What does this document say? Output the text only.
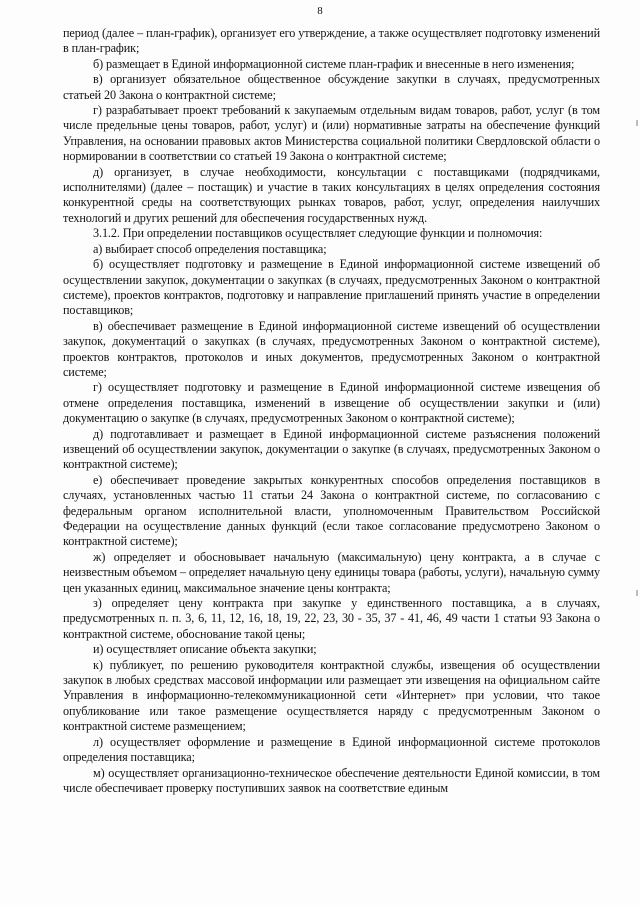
8

период (далее – план-график), организует его утверждение, а также осуществляет подготовку изменений в план-график;

б) размещает в Единой информационной системе план-график и внесенные в него изменения;

в) организует обязательное общественное обсуждение закупки в случаях, предусмотренных статьей 20 Закона о контрактной системе;

г) разрабатывает проект требований к закупаемым отдельным видам товаров, работ, услуг (в том числе предельные цены товаров, работ, услуг) и (или) нормативные затраты на обеспечение функций Управления, на основании правовых актов Министерства социальной политики Свердловской области о нормировании в соответствии со статьей 19 Закона о контрактной системе;

д) организует, в случае необходимости, консультации с поставщиками (подрядчиками, исполнителями) (далее – постащик) и участие в таких консультациях в целях определения состояния конкурентной среды на соответствующих рынках товаров, работ, услуг, определения наилучших технологий и других решений для обеспечения государственных нужд.

3.1.2. При определении поставщиков осуществляет следующие функции и полномочия:

а) выбирает способ определения поставщика;

б) осуществляет подготовку и размещение в Единой информационной системе извещений об осуществлении закупок, документации о закупках (в случаях, предусмотренных Законом о контрактной системе), проектов контрактов, подготовку и направление приглашений принять участие в определении поставщиков;

в) обеспечивает размещение в Единой информационной системе извещений об осуществлении закупок, документаций о закупках (в случаях, предусмотренных Законом о контрактной системе), проектов контрактов, протоколов и иных документов, предусмотренных Законом о контрактной системе;

г) осуществляет подготовку и размещение в Единой информационной системе извещения об отмене определения поставщика, изменений в извещение об осуществлении закупки и (или) документацию о закупке (в случаях, предусмотренных Законом о контрактной системе);

д) подготавливает и размещает в Единой информационной системе разъяснения положений извещений об осуществлении закупок, документации о закупке (в случаях, предусмотренных Законом о контрактной системе);

е) обеспечивает проведение закрытых конкурентных способов определения поставщиков в случаях, установленных частью 11 статьи 24 Закона о контрактной системе, по согласованию с федеральным органом исполнительной власти, уполномоченным Правительством Российской Федерации на осуществление данных функций (если такое согласование предусмотрено Законом о контрактной системе);

ж) определяет и обосновывает начальную (максимальную) цену контракта, а в случае с неизвестным объемом – определяет начальную цену единицы товара (работы, услуги), начальную сумму цен указанных единиц, максимальное значение цены контракта;

з) определяет цену контракта при закупке у единственного поставщика, а в случаях, предусмотренных п. п. 3, 6, 11, 12, 16, 18, 19, 22, 23, 30 - 35, 37 - 41, 46, 49 части 1 статьи 93 Закона о контрактной системе, обоснование такой цены;

и) осуществляет описание объекта закупки;

к) публикует, по решению руководителя контрактной службы, извещения об осуществлении закупок в любых средствах массовой информации или размещает эти извещения на официальном сайте Управления в информационно-телекоммуникационной сети «Интернет» при условии, что такое опубликование или такое размещение осуществляется наряду с предусмотренным Законом о контрактной системе размещением;

л) осуществляет оформление и размещение в Единой информационной системе протоколов определения поставщика;

м) осуществляет организационно-техническое обеспечение деятельности Единой комиссии, в том числе обеспечивает проверку поступивших заявок на соответствие единым
